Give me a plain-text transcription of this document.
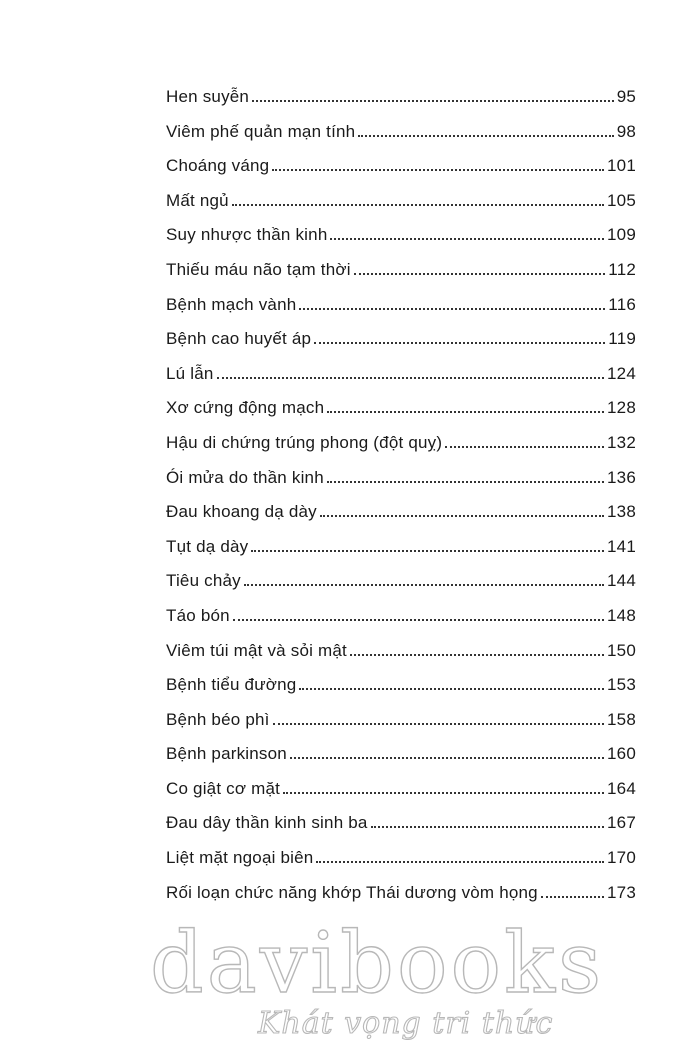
Hen suyễn	95
Viêm phế quản mạn tính	98
Choáng váng	101
Mất ngủ	105
Suy nhược thần kinh	109
Thiếu máu não tạm thời	112
Bệnh mạch vành	116
Bệnh cao huyết áp	119
Lú lẫn	124
Xơ cứng động mạch	128
Hậu di chứng trúng phong (đột quỵ)	132
Ói mửa do thần kinh	136
Đau khoang dạ dày	138
Tụt dạ dày	141
Tiêu chảy	144
Táo bón	148
Viêm túi mật và sỏi mật	150
Bệnh tiểu đường	153
Bệnh béo phì	158
Bệnh parkinson	160
Co giật cơ mặt	164
Đau dây thần kinh sinh ba	167
Liệt mặt ngoại biên	170
Rối loạn chức năng khớp Thái dương vòm họng	173
davibooks
Khát vọng tri thức
